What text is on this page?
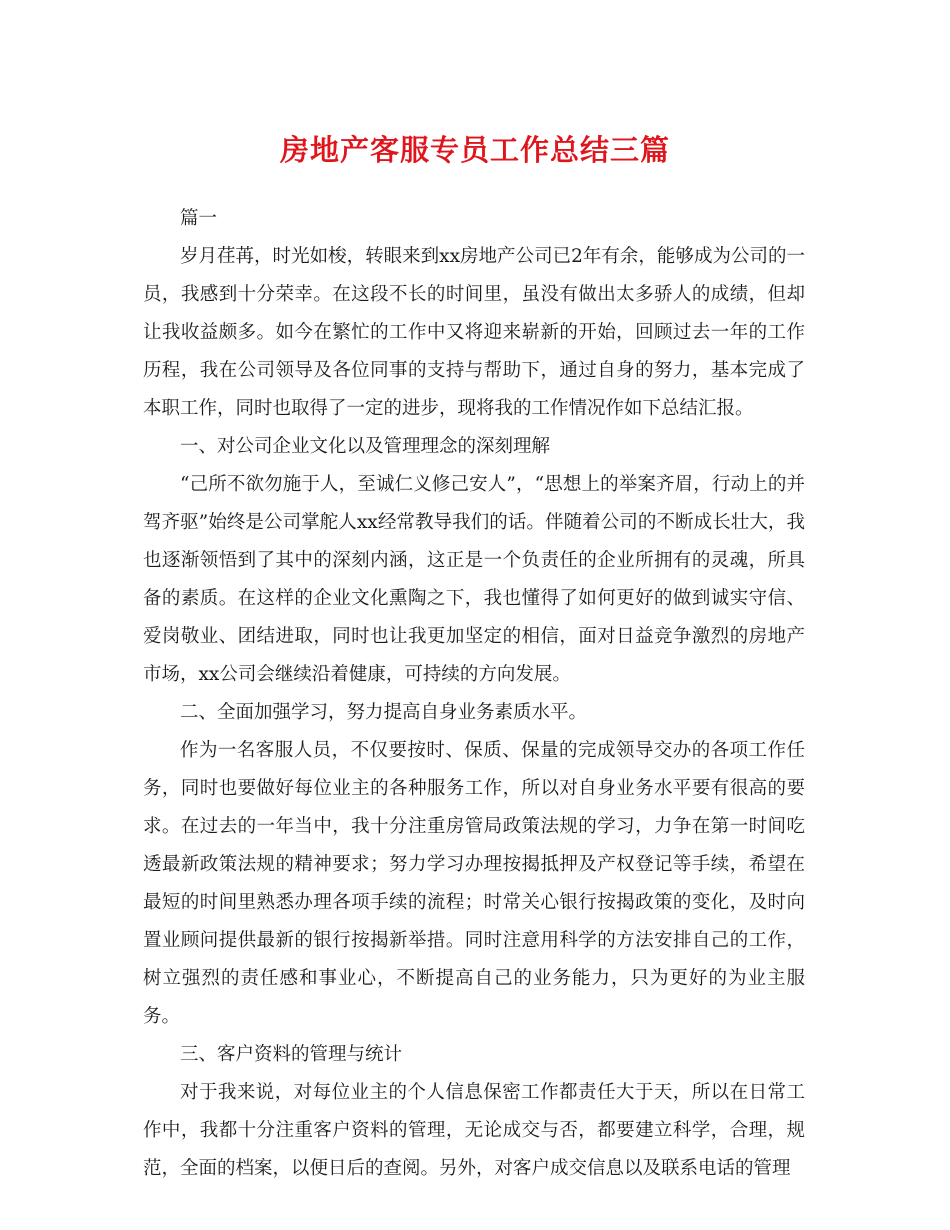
房地产客服专员工作总结三篇

篇一

岁月荏苒，时光如梭，转眼来到xx房地产公司已2年有余，能够成为公司的一员，我感到十分荣幸。在这段不长的时间里，虽没有做出太多骄人的成绩，但却让我收益颇多。如今在繁忙的工作中又将迎来崭新的开始，回顾过去一年的工作历程，我在公司领导及各位同事的支持与帮助下，通过自身的努力，基本完成了本职工作，同时也取得了一定的进步，现将我的工作情况作如下总结汇报。

一、对公司企业文化以及管理理念的深刻理解

“己所不欲勿施于人，至诚仁义修己安人”，“思想上的举案齐眉，行动上的并驾齐驱”始终是公司掌舵人xx经常教导我们的话。伴随着公司的不断成长壮大，我也逐渐领悟到了其中的深刻内涵，这正是一个负责任的企业所拥有的灵魂，所具备的素质。在这样的企业文化熏陶之下，我也懂得了如何更好的做到诚实守信、爱岗敬业、团结进取，同时也让我更加坚定的相信，面对日益竞争激烈的房地产市场，xx公司会继续沿着健康，可持续的方向发展。

二、全面加强学习，努力提高自身业务素质水平。

作为一名客服人员，不仅要按时、保质、保量的完成领导交办的各项工作任务，同时也要做好每位业主的各种服务工作，所以对自身业务水平要有很高的要求。在过去的一年当中，我十分注重房管局政策法规的学习，力争在第一时间吃透最新政策法规的精神要求；努力学习办理按揭抵押及产权登记等手续，希望在最短的时间里熟悉办理各项手续的流程；时常关心银行按揭政策的变化，及时向置业顾问提供最新的银行按揭新举措。同时注意用科学的方法安排自己的工作，树立强烈的责任感和事业心，不断提高自己的业务能力，只为更好的为业主服务。

三、客户资料的管理与统计

对于我来说，对每位业主的个人信息保密工作都责任大于天，所以在日常工作中，我都十分注重客户资料的管理，无论成交与否，都要建立科学，合理，规范，全面的档案，以便日后的查阅。另外，对客户成交信息以及联系电话的管理
